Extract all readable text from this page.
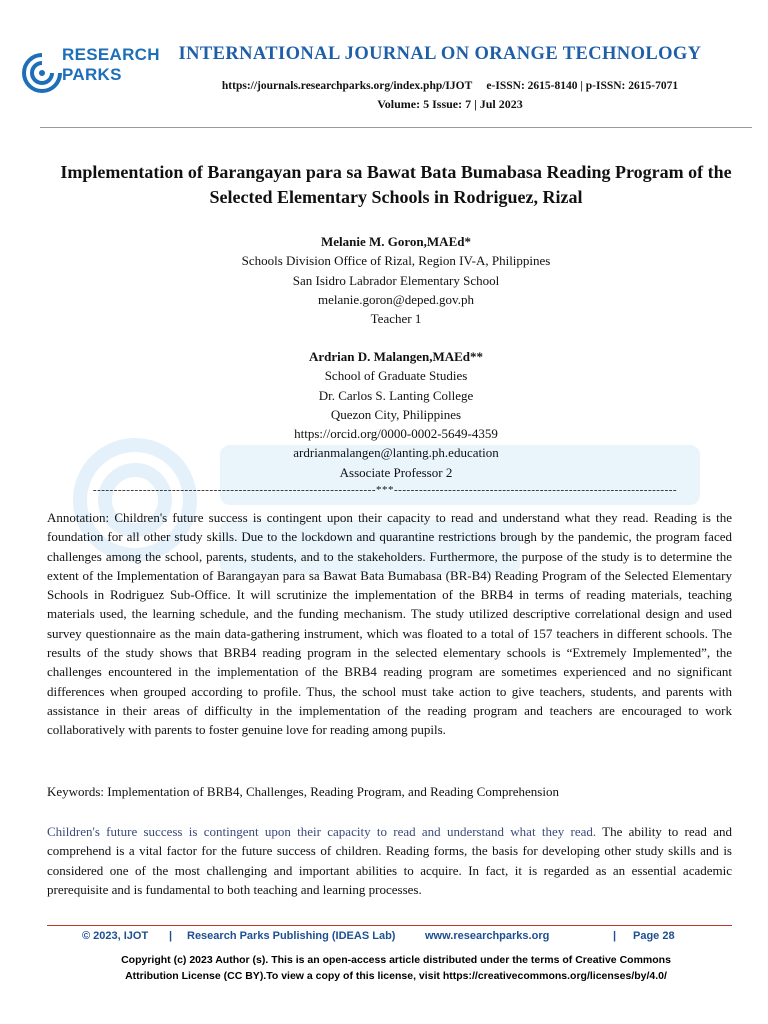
RESEARCH
PARKS
INTERNATIONAL JOURNAL ON ORANGE TECHNOLOGY
https://journals.researchparks.org/index.php/IJOT     e-ISSN: 2615-8140 | p-ISSN: 2615-7071
Volume: 5 Issue: 7 | Jul 2023
Implementation of Barangayan para sa Bawat Bata Bumabasa Reading Program of the Selected Elementary Schools in Rodriguez, Rizal
Melanie M. Goron,MAEd*
Schools Division Office of Rizal, Region IV-A, Philippines
San Isidro Labrador Elementary School
melanie.goron@deped.gov.ph
Teacher 1
Ardrian D. Malangen,MAEd**
School of Graduate Studies
Dr. Carlos S. Lanting College
Quezon City, Philippines
https://orcid.org/0000-0002-5649-4359
ardrianmalangen@lanting.ph.education
Associate Professor 2
--------------------------------------------------------------------***--------------------------------------------------------------------
Annotation: Children's future success is contingent upon their capacity to read and understand what they read. Reading is the foundation for all other study skills. Due to the lockdown and quarantine restrictions brough by the pandemic, the program faced challenges among the school, parents, students, and to the stakeholders. Furthermore, the purpose of the study is to determine the extent of the Implementation of Barangayan para sa Bawat Bata Bumabasa (BR-B4) Reading Program of the Selected Elementary Schools in Rodriguez Sub-Office. It will scrutinize the implementation of the BRB4 in terms of reading materials, teaching materials used, the learning schedule, and the funding mechanism. The study utilized descriptive correlational design and used survey questionnaire as the main data-gathering instrument, which was floated to a total of 157 teachers in different schools. The results of the study shows that BRB4 reading program in the selected elementary schools is “Extremely Implemented”, the challenges encountered in the implementation of the BRB4 reading program are sometimes experienced and no significant differences when grouped according to profile. Thus, the school must take action to give teachers, students, and parents with assistance in their areas of difficulty in the implementation of the reading program and teachers are encouraged to work collaboratively with parents to foster genuine love for reading among pupils.
Keywords: Implementation of BRB4, Challenges, Reading Program, and Reading Comprehension
Children's future success is contingent upon their capacity to read and understand what they read. The ability to read and comprehend is a vital factor for the future success of children. Reading forms, the basis for developing other study skills and is considered one of the most challenging and important abilities to acquire. In fact, it is regarded as an essential academic prerequisite and is fundamental to both teaching and learning processes.
© 2023, IJOT | Research Parks Publishing (IDEAS Lab)	www.researchparks.org	| Page 28
Copyright (c) 2023 Author (s). This is an open-access article distributed under the terms of Creative Commons
Attribution License (CC BY).To view a copy of this license, visit https://creativecommons.org/licenses/by/4.0/
